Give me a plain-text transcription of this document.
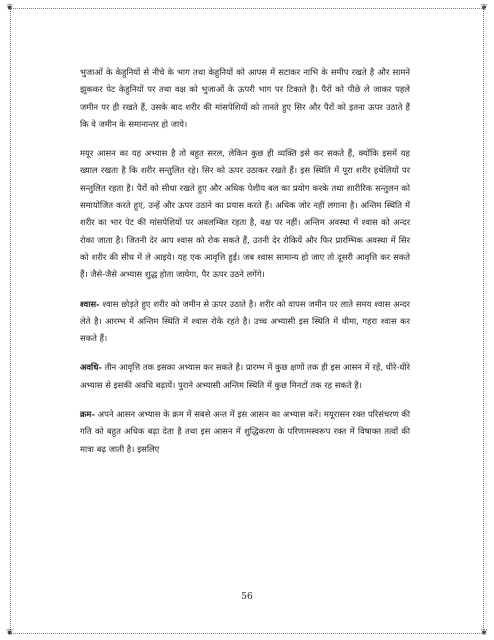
❦	❦
❦	❦

भुजाओं के केहुनियों से नीचे के भाग तथा केहुनियों को आपस में सटाकर नाभि के समीप रखते है और सामने झुककर पेट केहुनियों पर तथा वक्ष को भुजाओं के ऊपरी भाग पर टिकाते हैं। पैरों को पीछे ले जाकर पहले जमीन पर ही रखते हैं, उसके बाद शरीर की मांसपेशियों को तानते हुए सिर और पैरों को इतना ऊपर उठाते हैं कि वे जमीन के समानान्तर हो जाये।

मयूर आसन का यह अभ्यास है तो बहुत सरल, लेकिन कुछ ही व्यक्ति इसे कर सकते हैं, क्योंकि इसमें यह ख्याल रखता है कि शरीर सन्तुलित रहे। सिर को ऊपर उठाकर रखते हैं। इस स्थिति में पूरा शरीर हथेलियों पर सन्तुलित रहता है। पैरों को सीधा रखते हुए और अधिक पेशीय बल का प्रयोग करके तथा शारीरिक सन्तुलन को समायोजित करते हुए, उन्हें और ऊपर उठाने का प्रयास करते हैं। अधिक जोर नहीं लगाना है। अन्तिम स्थिति में शरीर का भार पेट की मांसपेशियों पर अवलम्बित रहता है, वक्ष पर नहीं। अन्तिम अवस्था में श्वास को अन्दर रोका जाता है। जितनी देर आप श्वास को रोक सकते हैं, उतनी देर रोकियें और फिर प्रारम्भिक अवस्था में सिर को शरीर की सीध में ले आइये। यह एक आवृत्ति हुई। जब श्वास सामान्य हो जाए तो दूसरी आवृत्ति कर सकते हैं। जैसे-जैसे अभ्यास शुद्ध होता जायेगा, पैर ऊपर उठने लगेंगे।

श्वास- श्वास छोड़ते हुए शरीर को जमीन से ऊपर उठाते है। शरीर को वापस जमीन पर लाते समय श्वास अन्दर लेते है। आरम्भ में अन्तिम स्थिति में श्वास रोके रहते है। उच्च अभ्यासी इस स्थिति में धीमा, गहरा श्वास कर सकते हैं।

अवधि- तीन आवृत्ति तक इसका अभ्यास कर सकते है। प्रारम्भ में कुछ क्षणों तक ही इस आसन में रहें, धीरे-धीरे अभ्यास से इसकी अवधि बढ़ायें। पुराने अभ्यासी अन्तिम स्थिति में कुछ मिनटों तक रह सकते है।

क्रम- अपने आसन अभ्यास के क्रम में सबसे अन्त में इस आसन का अभ्यास करें। मयूरासन रक्त परिसंचरण की गति को बहुत अधिक बढ़ा देता है तथा इस आसन में शुद्धिकरण के परिणामस्वरूप रक्त में विषाक्त तत्वों की मात्रा बढ़ जाती है। इसलिए

56
